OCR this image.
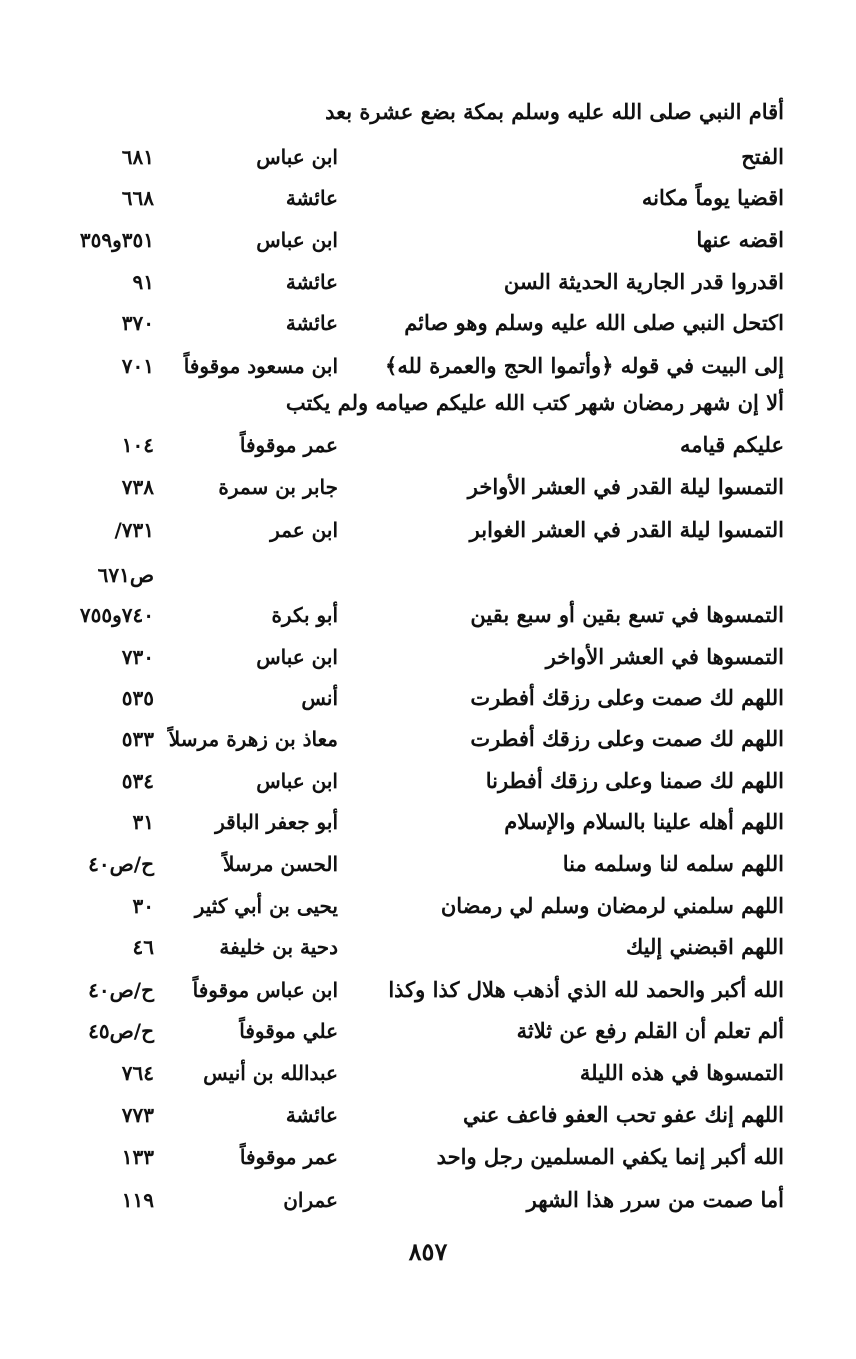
أقام النبي صلى الله عليه وسلم بمكة بضع عشرة بعد
الفتح
ابن عباس
٦٨١
اقضيا يوماً مكانه
عائشة
٦٦٨
اقضه عنها
ابن عباس
٣٥١و٣٥٩
اقدروا قدر الجارية الحديثة السن
عائشة
٩١
اكتحل النبي صلى الله عليه وسلم وهو صائم
عائشة
٣٧٠
إلى البيت في قوله ﴿وأتموا الحج والعمرة لله﴾
ابن مسعود موقوفاً
٧٠١
ألا إن شهر رمضان شهر كتب الله عليكم صيامه ولم يكتب
عليكم قيامه
عمر موقوفاً
١٠٤
التمسوا ليلة القدر في العشر الأواخر
جابر بن سمرة
٧٣٨
التمسوا ليلة القدر في العشر الغوابر
ابن عمر
٧٣١/
ص٦٧١
التمسوها في تسع بقين أو سبع بقين
أبو بكرة
٧٤٠و٧٥٥
التمسوها في العشر الأواخر
ابن عباس
٧٣٠
اللهم لك صمت وعلى رزقك أفطرت
أنس
٥٣٥
اللهم لك صمت وعلى رزقك أفطرت
معاذ بن زهرة مرسلاً
٥٣٣
اللهم لك صمنا وعلى رزقك أفطرنا
ابن عباس
٥٣٤
اللهم أهله علينا بالسلام والإسلام
أبو جعفر الباقر
٣١
اللهم سلمه لنا وسلمه منا
الحسن مرسلاً
ح/ص٤٠
اللهم سلمني لرمضان وسلم لي رمضان
يحيى بن أبي كثير
٣٠
اللهم اقبضني إليك
دحية بن خليفة
٤٦
الله أكبر والحمد لله الذي أذهب هلال كذا وكذا
ابن عباس موقوفاً
ح/ص٤٠
ألم تعلم أن القلم رفع عن ثلاثة
علي موقوفاً
ح/ص٤٥
التمسوها في هذه الليلة
عبدالله بن أنيس
٧٦٤
اللهم إنك عفو تحب العفو فاعف عني
عائشة
٧٧٣
الله أكبر إنما يكفي المسلمين رجل واحد
عمر موقوفاً
١٣٣
أما صمت من سرر هذا الشهر
عمران
١١٩
٨٥٧
